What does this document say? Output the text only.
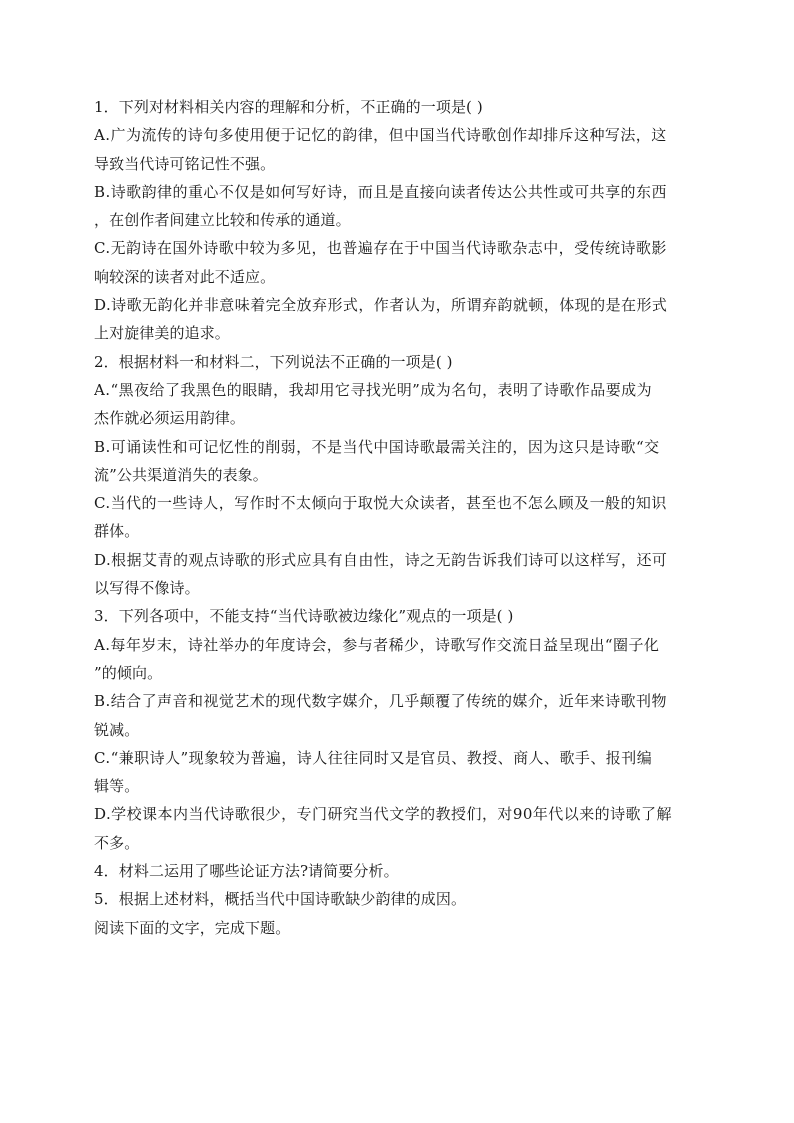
1．下列对材料相关内容的理解和分析，不正确的一项是( )
A.广为流传的诗句多使用便于记忆的韵律，但中国当代诗歌创作却排斥这种写法，这
导致当代诗可铭记性不强。
B.诗歌韵律的重心不仅是如何写好诗，而且是直接向读者传达公共性或可共享的东西
，在创作者间建立比较和传承的通道。
C.无韵诗在国外诗歌中较为多见，也普遍存在于中国当代诗歌杂志中，受传统诗歌影
响较深的读者对此不适应。
D.诗歌无韵化并非意味着完全放弃形式，作者认为，所谓弃韵就顿，体现的是在形式
上对旋律美的追求。
2．根据材料一和材料二，下列说法不正确的一项是( )
A.“黑夜给了我黑色的眼睛，我却用它寻找光明”成为名句，表明了诗歌作品要成为
杰作就必须运用韵律。
B.可诵读性和可记忆性的削弱，不是当代中国诗歌最需关注的，因为这只是诗歌“交
流”公共渠道消失的表象。
C.当代的一些诗人，写作时不太倾向于取悦大众读者，甚至也不怎么顾及一般的知识
群体。
D.根据艾青的观点诗歌的形式应具有自由性，诗之无韵告诉我们诗可以这样写，还可
以写得不像诗。
3．下列各项中，不能支持“当代诗歌被边缘化”观点的一项是( )
A.每年岁末，诗社举办的年度诗会，参与者稀少，诗歌写作交流日益呈现出“圈子化
”的倾向。
B.结合了声音和视觉艺术的现代数字媒介，几乎颠覆了传统的媒介，近年来诗歌刊物
锐减。
C.“兼职诗人”现象较为普遍，诗人往往同时又是官员、教授、商人、歌手、报刊编
辑等。
D.学校课本内当代诗歌很少，专门研究当代文学的教授们，对90年代以来的诗歌了解
不多。
4．材料二运用了哪些论证方法?请简要分析。
5．根据上述材料，概括当代中国诗歌缺少韵律的成因。
阅读下面的文字，完成下题。
